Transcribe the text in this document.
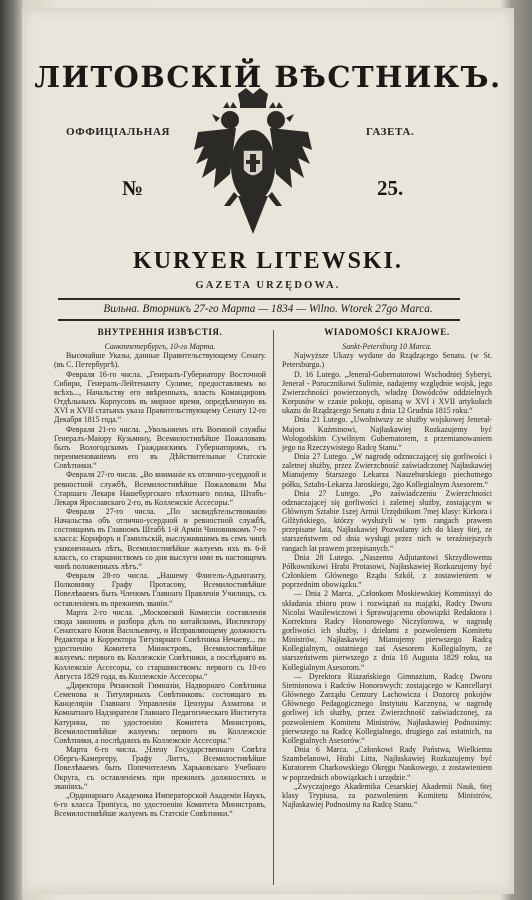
ЛИТОВСКІЙ ВѢСТНИКЪ.
ОФФИЦІАЛЬНАЯ	ГАЗЕТА.
№	25.
KURYER LITEWSKI.
GAZETA URZĘDOWA.
Вильна. Вторникъ 27-го Марта — 1834 — Wilno. Wtorek 27go Marca.
ВНУТРЕННІЯ ИЗВѢСТІЯ.

Санктпетербургъ, 10-го Марта.

Высочайше Указы, данные Правительствующему Сенату. (въ С. Петербургѣ).

Февраля 16-го числа. „Генералъ-Губернатору Восточной Сибири, Генералъ-Лейтенанту Сулиме, предоставляемъ во всѣхъ..., Начальству его ввѣренныхъ, власть Командировъ Отдѣльныхъ Корпусовъ въ мирное время, опредѣленную въ XVI и XVII статьяхъ указа Правительствующему Сенату 12-го Декабря 1815 года.“

Февраля 21-го числа. „Увольняемъ отъ Военной службы Генералъ-Маіору Кузьмину, Всемилостивѣйше Пожаловавъ быть Вологодскимъ Гражданскимъ Губернаторомъ, съ переименованіемъ его въ Дѣйствительные Статскіе Совѣтники.“

Февраля 27-го числа. „Во вниманіе къ отлично-усердной и ревностной службѣ, Всемилостивѣйше Пожаловали Мы Старшаго Лекаря Нашебургскаго пѣхотнаго полка, Штабъ-Лекаря Ярославскаго 2-го, въ Коллежскіе Ассесоры.“

Февраля 27-го числа. „По засвидѣтельствованію Начальства объ отлично-усердной и ревностной службѣ, состоящимъ въ Главномъ Штабѣ 1-й Арміи Чиновникомъ 7-го класса: Корнфоръ и Гамилъскій, выслужившимъ въ семъ чинѣ узаконенныхъ лѣтъ, Всемилостивѣйше жалуемъ ихъ въ 6-й классъ, со старшинствомъ со дня выслуги ими въ настоящемъ чинѣ положенныхъ лѣтъ.“

Февраля 28-го числа. „Нашему Флигель-Адъютанту, Полковнику Графу Протасову, Всемилостивѣйше Повелѣваемъ быть Членомъ Главнаго Правленія Училищъ, съ оставленіемъ въ прежнемъ званіи.“

Марта 2-го числа. „Московской Комиссіи составленія свода законовъ и разбора дѣлъ по китайскимъ, Инспектору Сенатскаго Князя Васильевичу, и Исправляющему должность Редактора и Корректора Титулярнаго Совѣтника Нечаеву... по удостоенію Комитета Министровъ, Всемилостивѣйше жалуемъ: первого въ Коллежскіе Совѣтники, а послѣдняго въ Коллежскіе Ассесоры, со старшинствомъ: первого съ 10-го Августа 1829 года, въ Коллежскіе Ассесоры.“

„Директора Рязанской Гимназіи, Надворнаго Совѣтника Семенова и Титулярныхъ Совѣтниковъ: состоящаго въ Канцеляріи Главнаго Управленія Цензуры Ахматова и Комнатнаго Надзирателя Главнаго Педагогическаго Института Катурина, по удостоенію Комитета Министровъ, Всемилостивѣйше жалуемъ: первого въ Коллежскіе Совѣтники, а послѣднихъ въ Коллежскіе Ассесоры.“

Марта 6-го числа. „Члену Государственнаго Совѣта Обергъ-Камергеру, Графу Литтъ, Всемилостивѣйше Повелѣваемъ быть Попечителемъ Харьковскаго Учебнаго Округа, съ оставленіемъ при прежнихъ должностяхъ и званіяхъ.“

„Ординарнаго Академика Императорской Академіи Наукъ, 6-го класса Трипіуса, по удостоенію Комитета Министровъ, Всемилостивѣйше жалуемъ въ Статскіе Совѣтники.“

WIADOMOŚCI KRAJOWE.

Sankt-Petersburg 10 Marca.

Najwyższe Ukazy wydane do Rządzącego Senatu. (w St. Petersburgu.)

D. 16 Lutego. „Jeneral-Gubernatorowi Wschodniej Syberyi, Jenerał - Porucznikowi Sulimie, nadajemy względnie wojsk, jego Zwierzchności powierzonych, władzę Dowódców oddzielnych Korpusów w czasie pokoju, opisaną w XVI i XVII artykułach ukazu do Rządzącego Senatu z dnia 12 Grudnia 1815 roku.“

Dnia 21 Lutego. „Uwolniwszy ze służby wojskowej Jenerał-Majora Kuźminowi, Najłaskawiej Rozkazujemy być Wologodskim Cywilnym Gubernatorem, z przemianowaniem jego na Rzeczywistego Radcę Stanu.“

Dnia 27 Lutego. „W nagrodę odznaczającej się gorliwości i zaletnej służby, przez Zwierzchność zaświadczonej Najłaskawiej Mianujemy Starszego Lekarza Naszeburskiego piechotnego półku, Sztabs-Lekarza Jaroskiego, 2go Kollegialnym Asesorem.“

Dnia 27 Lutego. „Po zaświadczeniu Zwierzchności odznaczającej się gorliwości i zaletnej służby, zostającym w Głównym Sztabie 1szej Armii Urzędnikom 7mej klasy: Kirkora i Gilżyńskiego, którzy wysłużyli w tym rangach prawem przepisane lata, Najłaskawiej Pozwalamy ich do klasy 6tej, ze starszeństwem od dnia wysługi przez nich w teraźniejszych rangach lat prawem przepisanych.“

Dnia 28 Lutego. „Naszemu Adjutantowi Skrzydłowemu Półkownikowi Hrabi Protasowi, Najłaskawiej Rozkazujemy być Członkiem Głównego Rządu Szkół, z zostawieniem w poprzednim obowiązku.“

— Dnia 2 Marca. „Członkom Moskiewskiej Kommissyi do składania zbioru praw i rozwiązań na majątki, Radcy Dworu Nicolai Wasilewiczowi i Sprawującemu obowiązki Redaktora i Korrektora Radcy Honorowego Niczyforowa, w nagrodę gorliwości ich służby, i dziełami z pozwoleniem Komitetu Ministrów, Najłaskawiej Mianujemy pierwszego Radcą Kollegialnym, ostatniego zaś Asesorem Kollegialnym, ze starszeństwem pierwszego z dnia 10 Augusta 1829 roku, na Kollegialnym Asesorom.“

— Dyrektora Riazańskiego Gimnazium, Radcę Dworu Siemionowa i Radców Honorowych: zostającego w Kancellaryi Głównego Zarządu Cenzury Lachowicza i Dozorcę pokojów Głównego Pedagogicznego Instytutu Kacznyna, w nagrodę gorliwej ich służby, przez Zwierzchność zaświadczonej, za pozwoleniem Komitetu Ministrów, Najłaskawiej Podnosimy: pierwszego na Radcę Kollegialnego, drugiego zaś ostatnich, na Kollegialnych Asesorów.“

Dnia 6 Marca. „Członkowi Rady Państwa, Wielkiemu Szambelanowi, Hrabi Litta, Najłaskawiej Rozkazujemy być Kuratorem Charkowskiego Okręgu Naukowego, z zostawieniem w poprzednich obowiązkach i urzędzie.“

„Zwyczajnego Akademika Cesarskiej Akademii Nauk, 6tej klasy Trypiusa, za pozwoleniem Komitetu Ministrów, Najłaskawiej Podnosimy na Radcę Stanu.“
